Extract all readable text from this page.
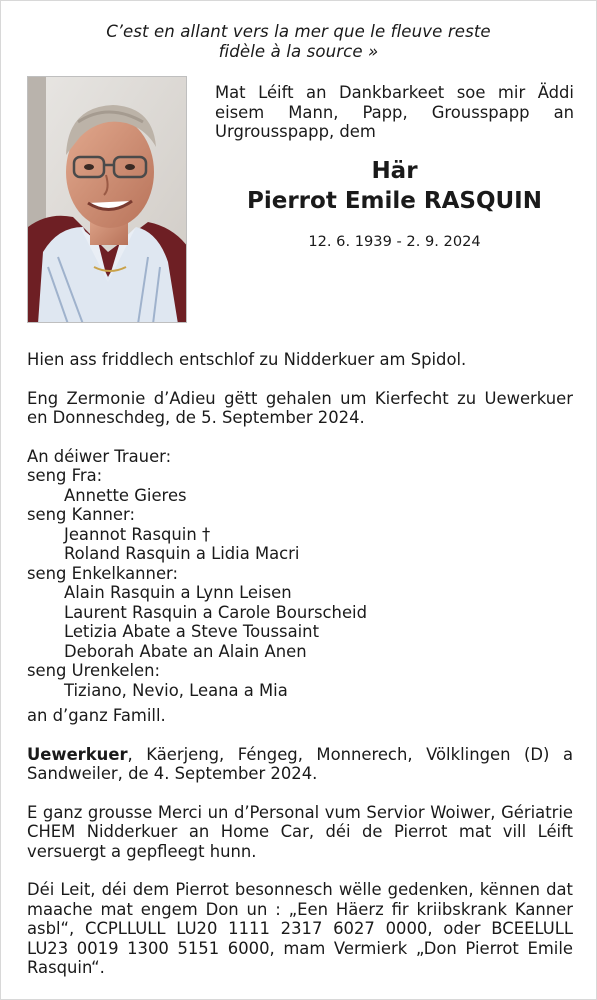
C’est en allant vers la mer que le fleuve reste
fidèle à la source »
Mat Léift an Dankbarkeet soe mir Äddi eisem Mann, Papp, Grousspapp an Urgrousspapp, dem
Här
Pierrot Emile RASQUIN
12. 6. 1939 - 2. 9. 2024

Hien ass friddlech entschlof zu Nidderkuer am Spidol.

Eng Zermonie d’Adieu gëtt gehalen um Kierfecht zu Uewerkuer en Donneschdeg, de 5. September 2024.

An déiwer Trauer:
seng Fra:
Annette Gieres
seng Kanner:
Jeannot Rasquin †
Roland Rasquin a Lidia Macri
seng Enkelkanner:
Alain Rasquin a Lynn Leisen
Laurent Rasquin a Carole Bourscheid
Letizia Abate a Steve Toussaint
Deborah Abate an Alain Anen
seng Urenkelen:
Tiziano, Nevio, Leana a Mia
an d’ganz Famill.

Uewerkuer, Käerjeng, Féngeg, Monnerech, Völklingen (D) a Sandweiler, de 4. September 2024.

E ganz grousse Merci un d’Personal vum Servior Woiwer, Gériatrie CHEM Nidderkuer an Home Car, déi de Pierrot mat vill Léift versuergt a gepfleegt hunn.

Déi Leit, déi dem Pierrot besonnesch wëlle gedenken, kënnen dat maache mat engem Don un : „Een Häerz fir kriibskrank Kanner asbl“, CCPLLULL LU20 1111 2317 6027 0000, oder BCEELULL LU23 0019 1300 5151 6000, mam Vermierk „Don Pierrot Emile Rasquin“.
